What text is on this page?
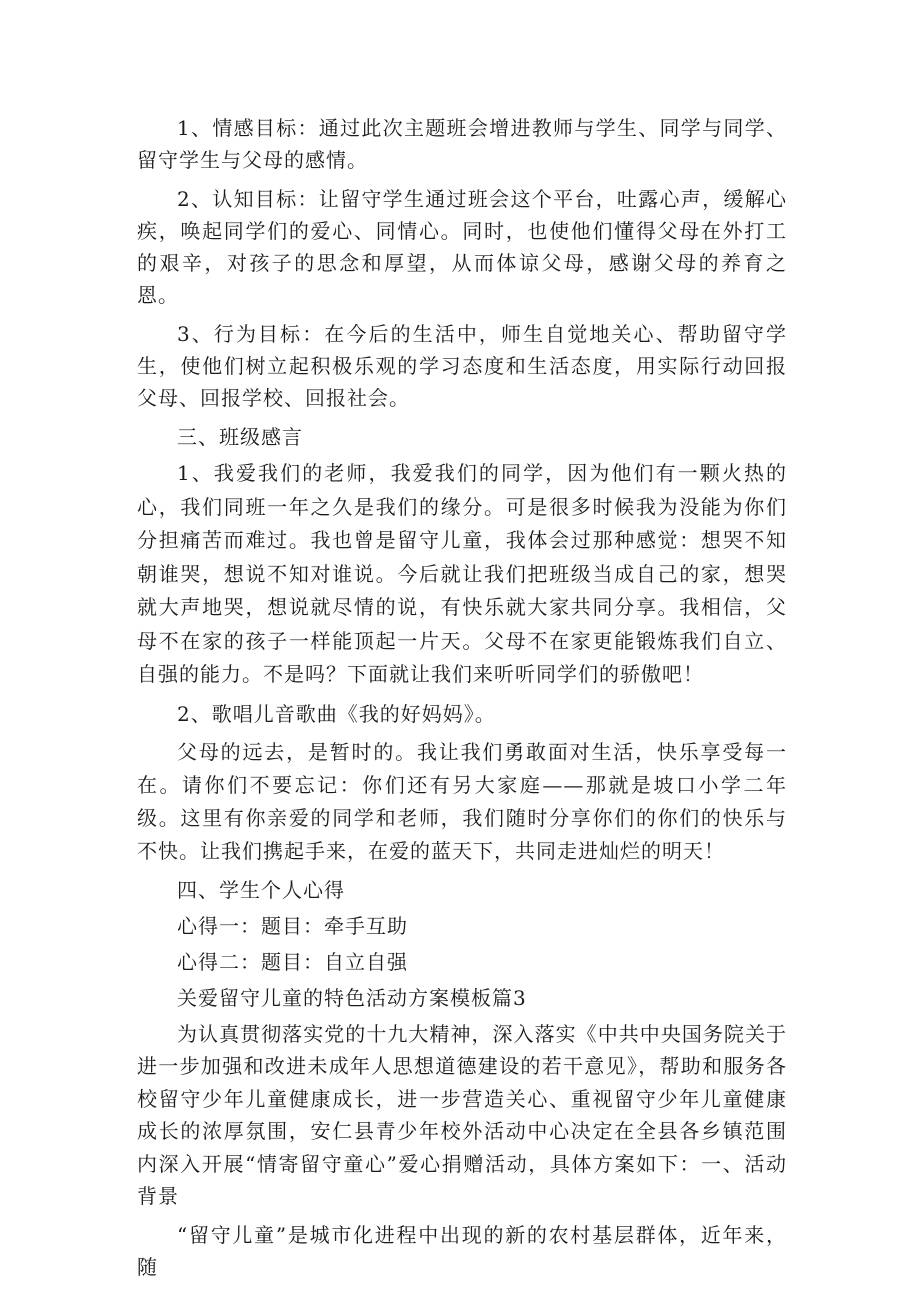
1、情感目标：通过此次主题班会增进教师与学生、同学与同学、留守学生与父母的感情。

2、认知目标：让留守学生通过班会这个平台，吐露心声，缓解心疾，唤起同学们的爱心、同情心。同时，也使他们懂得父母在外打工的艰辛，对孩子的思念和厚望，从而体谅父母，感谢父母的养育之恩。

3、行为目标：在今后的生活中，师生自觉地关心、帮助留守学生，使他们树立起积极乐观的学习态度和生活态度，用实际行动回报父母、回报学校、回报社会。

三、班级感言

1、我爱我们的老师，我爱我们的同学，因为他们有一颗火热的心，我们同班一年之久是我们的缘分。可是很多时候我为没能为你们分担痛苦而难过。我也曾是留守儿童，我体会过那种感觉：想哭不知朝谁哭，想说不知对谁说。今后就让我们把班级当成自己的家，想哭就大声地哭，想说就尽情的说，有快乐就大家共同分享。我相信，父母不在家的孩子一样能顶起一片天。父母不在家更能锻炼我们自立、自强的能力。不是吗？下面就让我们来听听同学们的骄傲吧！

2、歌唱儿音歌曲《我的好妈妈》。

父母的远去，是暂时的。我让我们勇敢面对生活，快乐享受每一在。请你们不要忘记：你们还有另大家庭——那就是坡口小学二年级。这里有你亲爱的同学和老师，我们随时分享你们的你们的快乐与不快。让我们携起手来，在爱的蓝天下，共同走进灿烂的明天！

四、学生个人心得

心得一：题目：牵手互助

心得二：题目：自立自强

关爱留守儿童的特色活动方案模板篇3

为认真贯彻落实党的十九大精神，深入落实《中共中央国务院关于进一步加强和改进未成年人思想道德建设的若干意见》，帮助和服务各校留守少年儿童健康成长，进一步营造关心、重视留守少年儿童健康成长的浓厚氛围，安仁县青少年校外活动中心决定在全县各乡镇范围内深入开展“情寄留守童心”爱心捐赠活动，具体方案如下：一、活动背景

“留守儿童”是城市化进程中出现的新的农村基层群体，近年来，随
